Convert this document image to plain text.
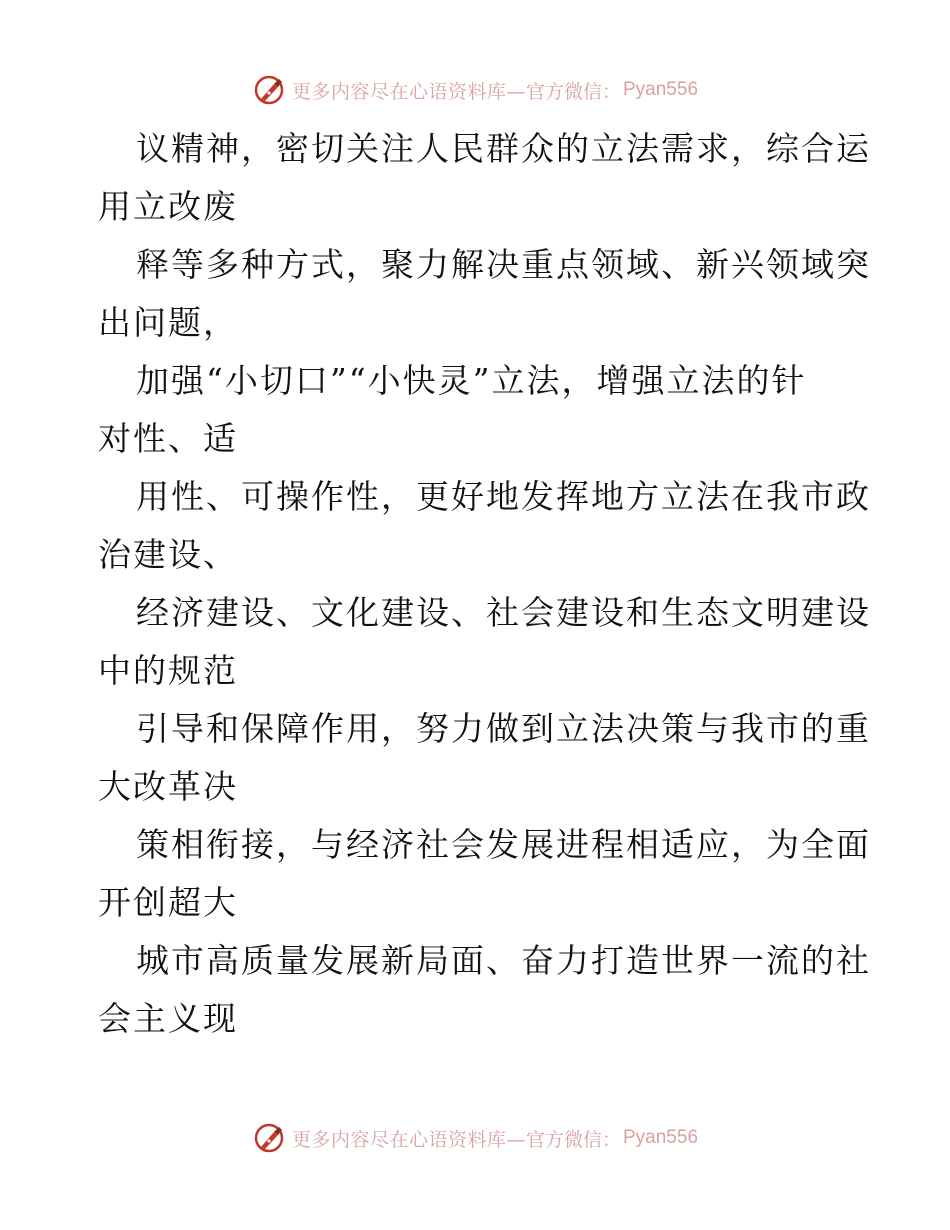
更多内容尽在心语资料库— 官方微信： Pyan556
议精神，密切关注人民群众的立法需求，综合运
用立改废
释等多种方式，聚力解决重点领域、新兴领域突
出问题，
加强“小切口”“小快灵”立法，增强立法的针
对性、适
用性、可操作性，更好地发挥地方立法在我市政
治建设、
经济建设、文化建设、社会建设和生态文明建设
中的规范
引导和保障作用，努力做到立法决策与我市的重
大改革决
策相衔接，与经济社会发展进程相适应，为全面
开创超大
城市高质量发展新局面、奋力打造世界一流的社
会主义现
更多内容尽在心语资料库— 官方微信： Pyan556
